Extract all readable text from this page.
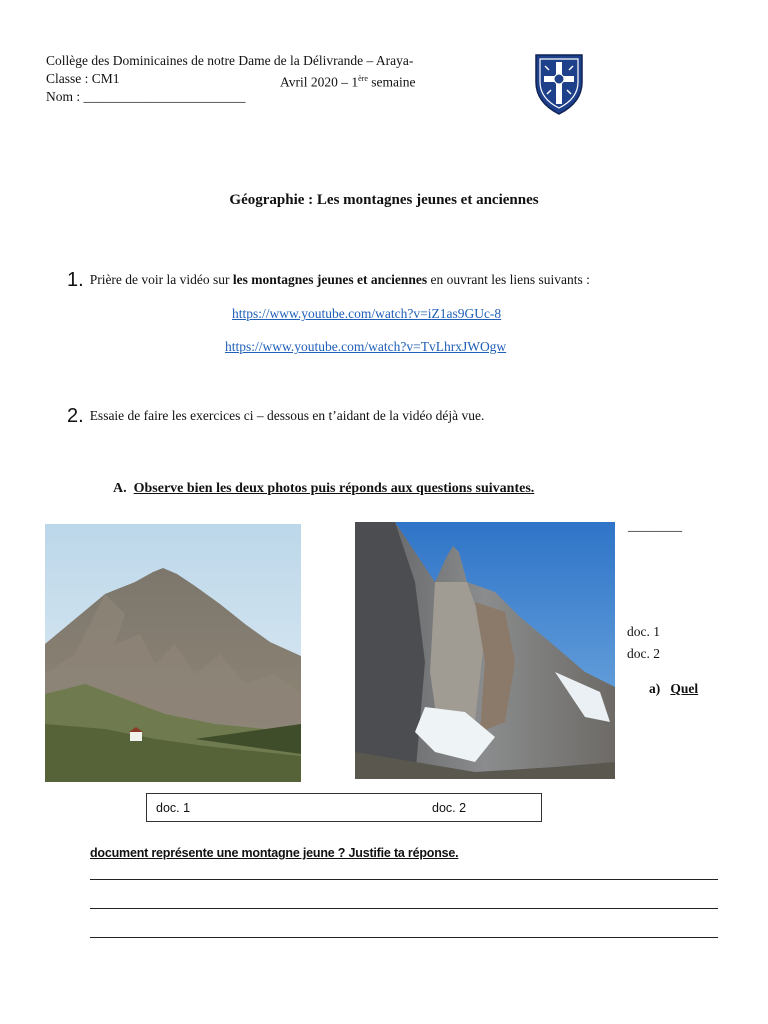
Collège des Dominicaines de notre Dame de la Délivrande – Araya-
Classe : CM1	Avril 2020 – 1ère semaine
Nom : ________________________
Géographie : Les montagnes jeunes et anciennes
1. Prière de voir la vidéo sur les montagnes jeunes et anciennes en ouvrant les liens suivants :
https://www.youtube.com/watch?v=iZ1as9GUc-8
https://www.youtube.com/watch?v=TvLhrxJWOgw
2. Essaie de faire les exercices ci – dessous en t’aidant de la vidéo déjà vue.
A. Observe bien les deux photos puis réponds aux questions suivantes.
________
doc. 1
doc. 2
a) Quel
doc. 1	doc. 2
document représente une montagne jeune ? Justifie ta réponse.
